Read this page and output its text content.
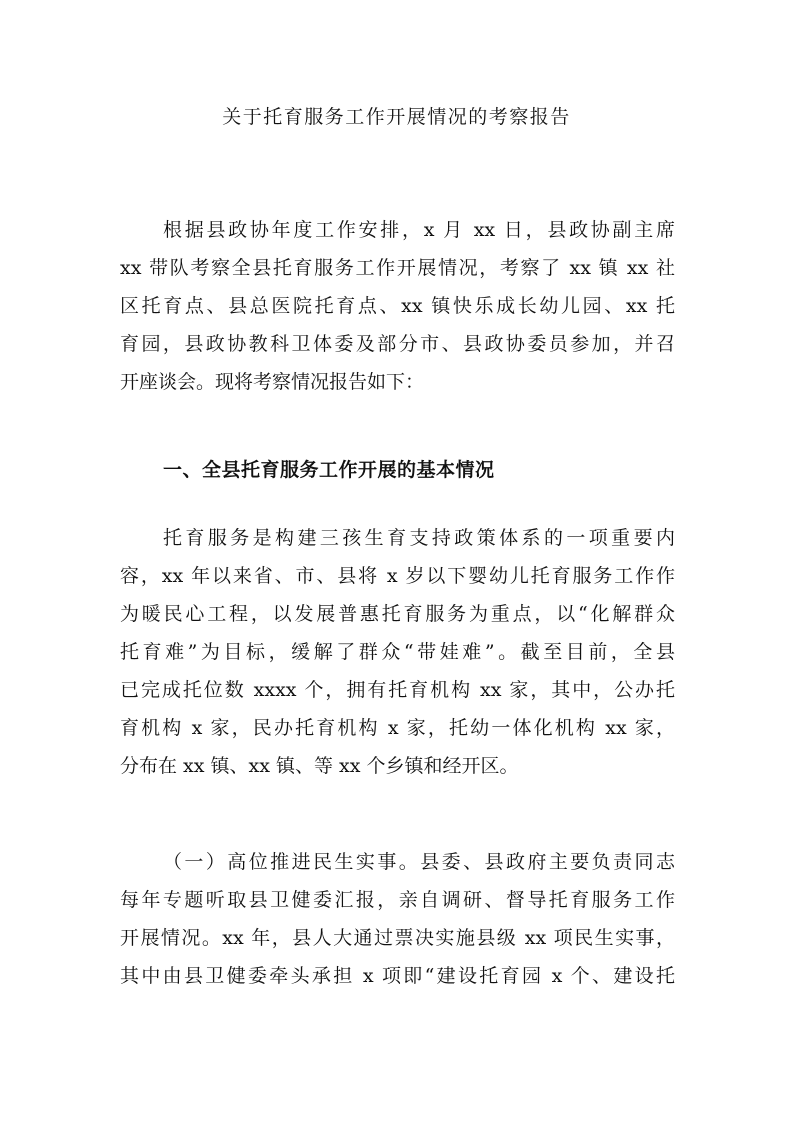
关于托育服务工作开展情况的考察报告
根据县政协年度工作安排，x 月 xx 日，县政协副主席
xx 带队考察全县托育服务工作开展情况，考察了 xx 镇 xx 社
区托育点、县总医院托育点、xx 镇快乐成长幼儿园、xx 托
育园，县政协教科卫体委及部分市、县政协委员参加，并召
开座谈会。现将考察情况报告如下：
一、全县托育服务工作开展的基本情况
托育服务是构建三孩生育支持政策体系的一项重要内
容，xx 年以来省、市、县将 x 岁以下婴幼儿托育服务工作作
为暖民心工程，以发展普惠托育服务为重点，以“化解群众
托育难”为目标，缓解了群众“带娃难”。截至目前，全县
已完成托位数 xxxx 个，拥有托育机构 xx 家，其中，公办托
育机构 x 家，民办托育机构 x 家，托幼一体化机构 xx 家，
分布在 xx 镇、xx 镇、等 xx 个乡镇和经开区。
（一）高位推进民生实事。县委、县政府主要负责同志
每年专题听取县卫健委汇报，亲自调研、督导托育服务工作
开展情况。xx 年，县人大通过票决实施县级 xx 项民生实事，
其中由县卫健委牵头承担 x 项即“建设托育园 x 个、建设托
